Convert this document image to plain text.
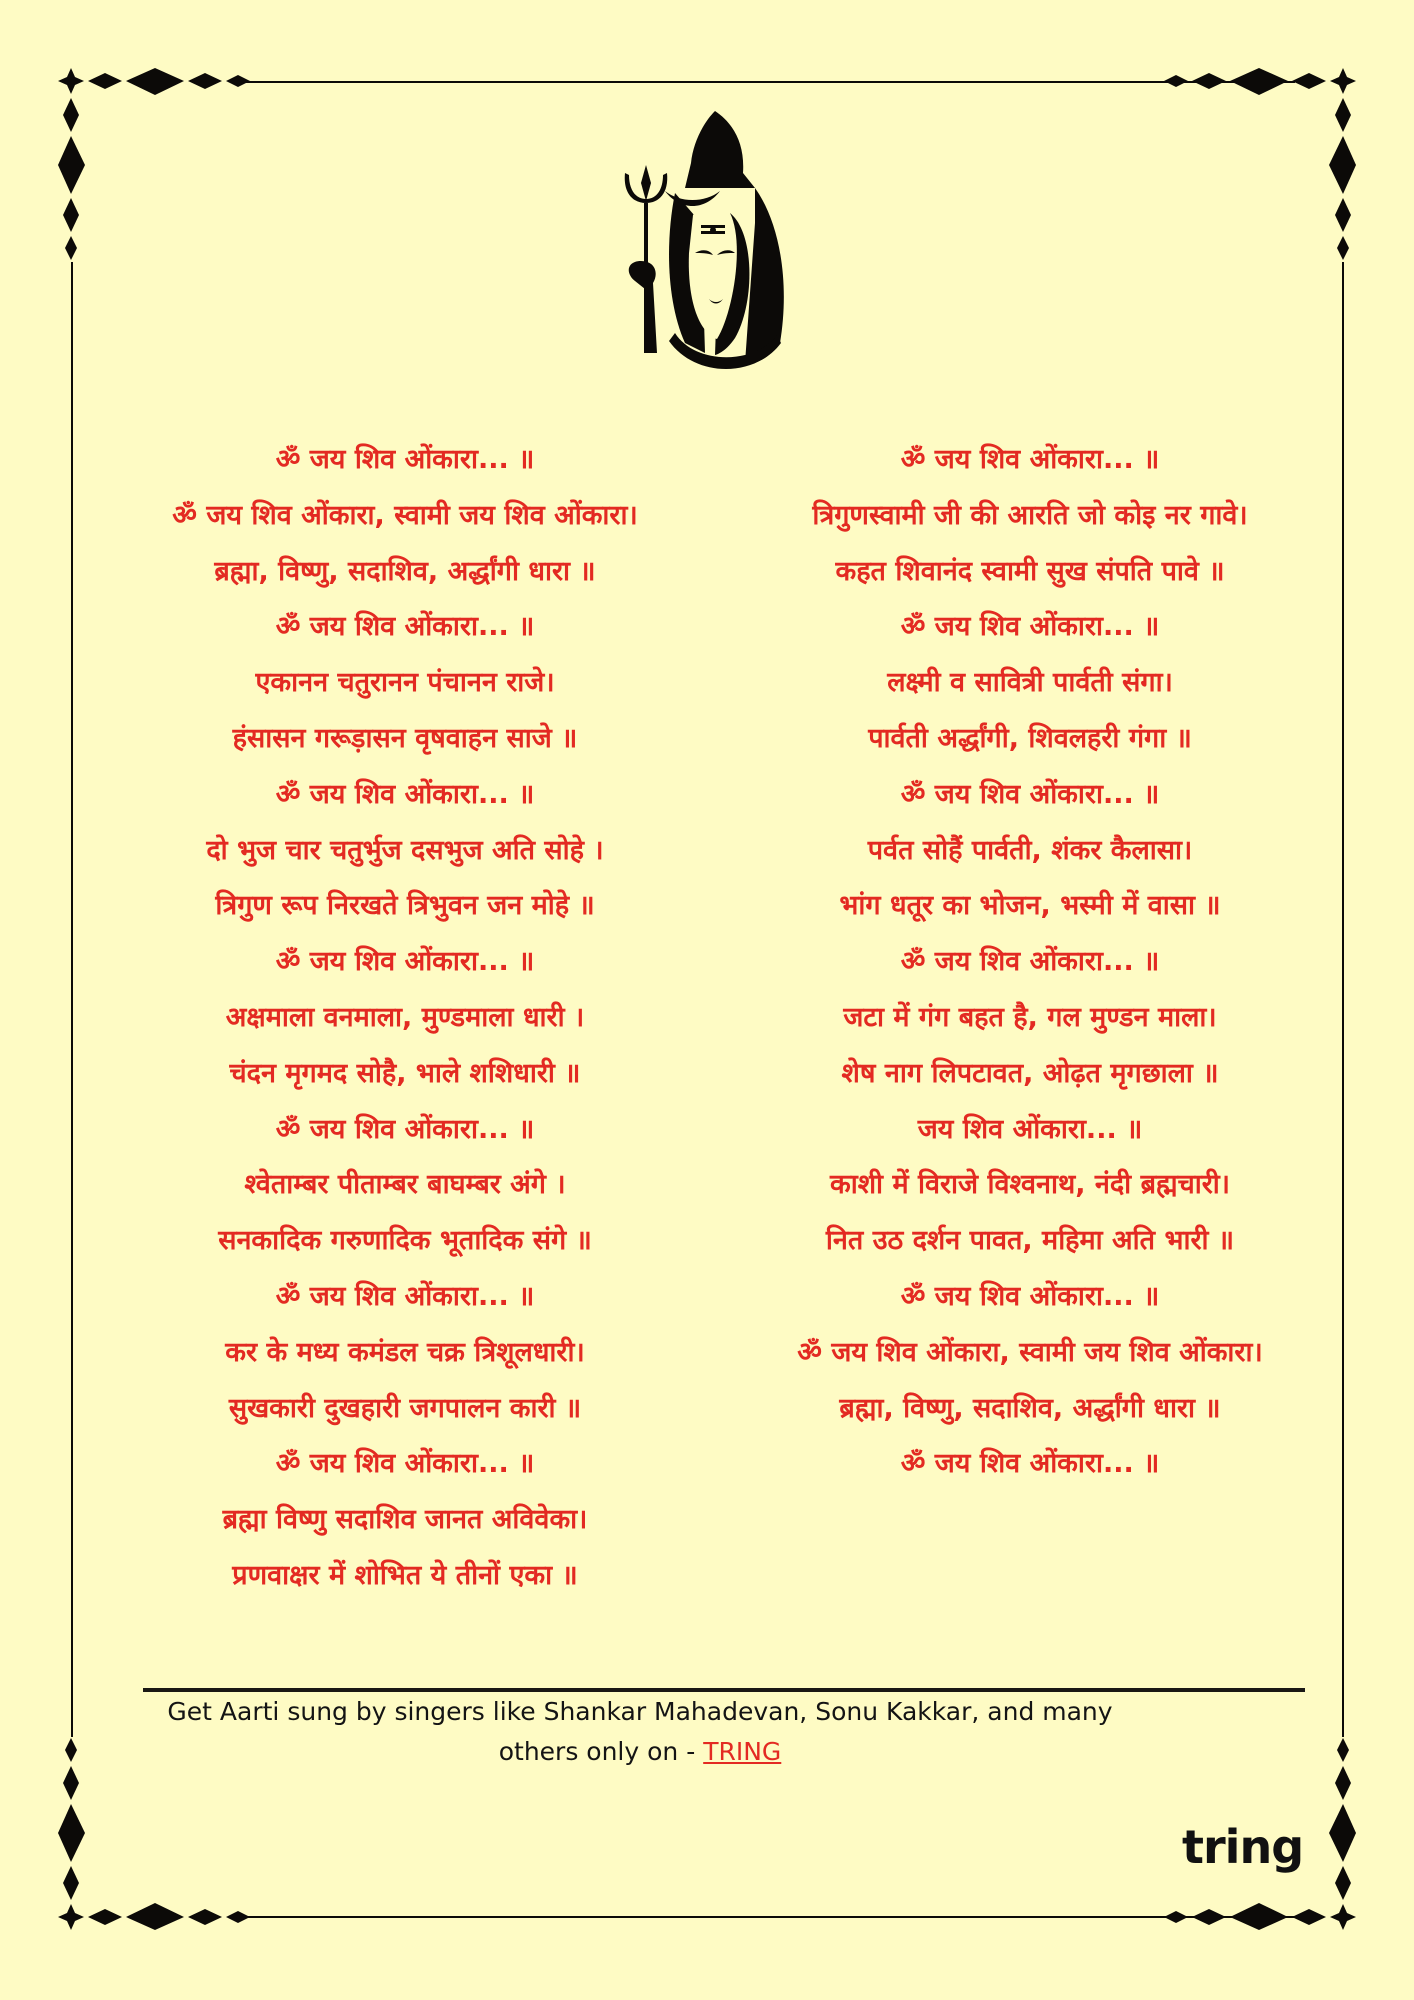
ॐ जय शिव ओंकारा... ॥
ॐ जय शिव ओंकारा, स्वामी जय शिव ओंकारा।
ब्रह्मा, विष्णु, सदाशिव, अर्द्धांगी धारा ॥
ॐ जय शिव ओंकारा... ॥
एकानन चतुरानन पंचानन राजे।
हंसासन गरूड़ासन वृषवाहन साजे ॥
ॐ जय शिव ओंकारा... ॥
दो भुज चार चतुर्भुज दसभुज अति सोहे ।
त्रिगुण रूप निरखते त्रिभुवन जन मोहे ॥
ॐ जय शिव ओंकारा... ॥
अक्षमाला वनमाला, मुण्डमाला धारी ।
चंदन मृगमद सोहै, भाले शशिधारी ॥
ॐ जय शिव ओंकारा... ॥
श्वेताम्बर पीताम्बर बाघम्बर अंगे ।
सनकादिक गरुणादिक भूतादिक संगे ॥
ॐ जय शिव ओंकारा... ॥
कर के मध्य कमंडल चक्र त्रिशूलधारी।
सुखकारी दुखहारी जगपालन कारी ॥
ॐ जय शिव ओंकारा... ॥
ब्रह्मा विष्णु सदाशिव जानत अविवेका।
प्रणवाक्षर में शोभित ये तीनों एका ॥
ॐ जय शिव ओंकारा... ॥
त्रिगुणस्वामी जी की आरति जो कोइ नर गावे।
कहत शिवानंद स्वामी सुख संपति पावे ॥
ॐ जय शिव ओंकारा... ॥
लक्ष्मी व सावित्री पार्वती संगा।
पार्वती अर्द्धांगी, शिवलहरी गंगा ॥
ॐ जय शिव ओंकारा... ॥
पर्वत सोहैं पार्वती, शंकर कैलासा।
भांग धतूर का भोजन, भस्मी में वासा ॥
ॐ जय शिव ओंकारा... ॥
जटा में गंग बहत है, गल मुण्डन माला।
शेष नाग लिपटावत, ओढ़त मृगछाला ॥
जय शिव ओंकारा... ॥
काशी में विराजे विश्वनाथ, नंदी ब्रह्मचारी।
नित उठ दर्शन पावत, महिमा अति भारी ॥
ॐ जय शिव ओंकारा... ॥
ॐ जय शिव ओंकारा, स्वामी जय शिव ओंकारा।
ब्रह्मा, विष्णु, सदाशिव, अर्द्धांगी धारा ॥
ॐ जय शिव ओंकारा... ॥
Get Aarti sung by singers like Shankar Mahadevan, Sonu Kakkar, and many
others only on - TRING
tring
